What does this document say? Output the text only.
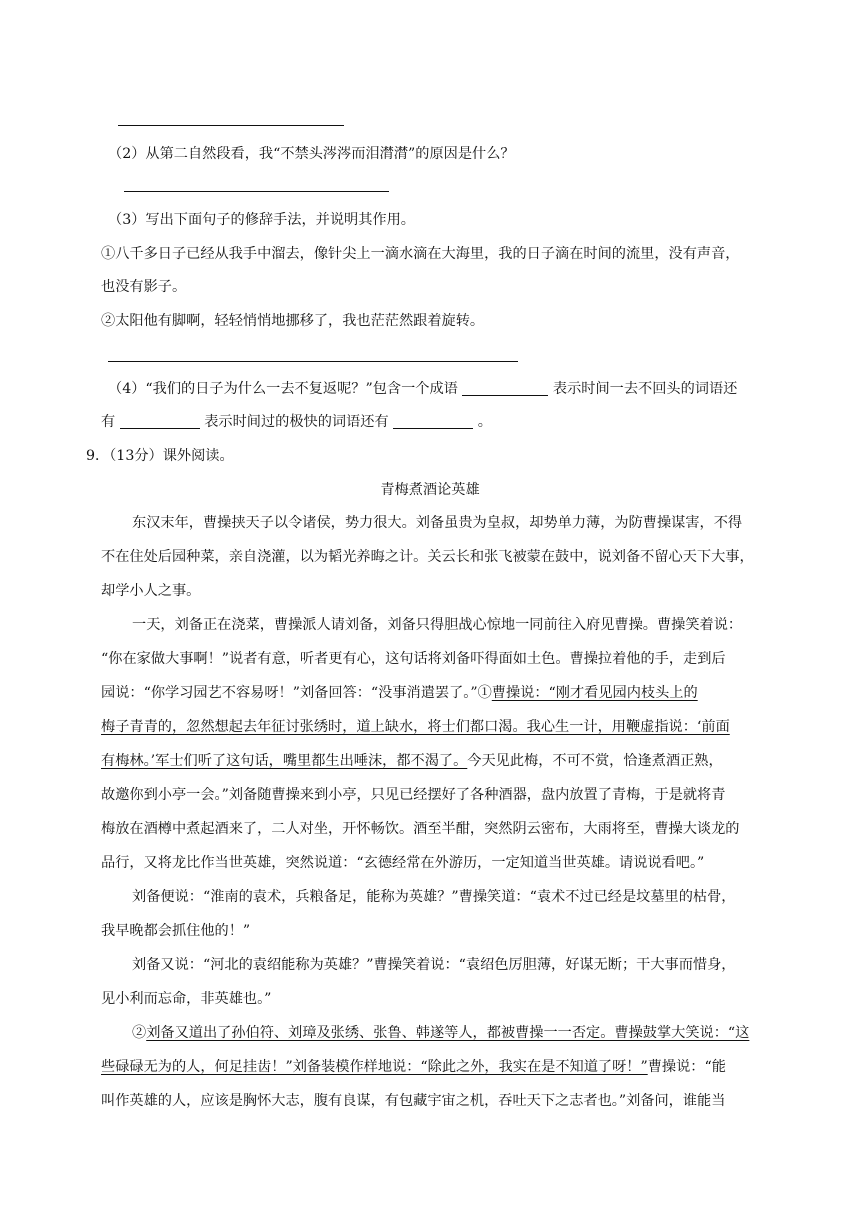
（2）从第二自然段看，我“不禁头涔涔而泪潸潸”的原因是什么？
（3）写出下面句子的修辞手法，并说明其作用。
①八千多日子已经从我手中溜去，像针尖上一滴水滴在大海里，我的日子滴在时间的流里，没有声音，
也没有影子。
②太阳他有脚啊，轻轻悄悄地挪移了，我也茫茫然跟着旋转。
（4）“我们的日子为什么一去不复返呢？”包含一个成语	表示时间一去不回头的词语还
有	表示时间过的极快的词语还有	。
9．（13分）课外阅读。
青梅煮酒论英雄
东汉末年，曹操挟天子以令诸侯，势力很大。刘备虽贵为皇叔，却势单力薄，为防曹操谋害，不得
不在住处后园种菜，亲自浇灌，以为韬光养晦之计。关云长和张飞被蒙在鼓中，说刘备不留心天下大事，
却学小人之事。
一天，刘备正在浇菜，曹操派人请刘备，刘备只得胆战心惊地一同前往入府见曹操。曹操笑着说：
“你在家做大事啊！”说者有意，听者更有心，这句话将刘备吓得面如土色。曹操拉着他的手，走到后
园说：“你学习园艺不容易呀！”刘备回答：“没事消遣罢了。”①曹操说：“刚才看见园内枝头上的
梅子青青的，忽然想起去年征讨张绣时，道上缺水，将士们都口渴。我心生一计，用鞭虚指说：‘前面
有梅林。’军士们听了这句话，嘴里都生出唾沫，都不渴了。今天见此梅，不可不赏，恰逢煮酒正熟，
故邀你到小亭一会。”刘备随曹操来到小亭，只见已经摆好了各种酒器，盘内放置了青梅，于是就将青
梅放在酒樽中煮起酒来了，二人对坐，开怀畅饮。酒至半酣，突然阴云密布，大雨将至，曹操大谈龙的
品行，又将龙比作当世英雄，突然说道：“玄德经常在外游历，一定知道当世英雄。请说说看吧。”
刘备便说：“淮南的袁术，兵粮备足，能称为英雄？”曹操笑道：“袁术不过已经是坟墓里的枯骨，
我早晚都会抓住他的！”
刘备又说：“河北的袁绍能称为英雄？”曹操笑着说：“袁绍色厉胆薄，好谋无断；干大事而惜身，
见小利而忘命，非英雄也。”
②刘备又道出了孙伯符、刘璋及张绣、张鲁、韩遂等人，都被曹操一一否定。曹操鼓掌大笑说：“这
些碌碌无为的人，何足挂齿！”刘备装模作样地说：“除此之外，我实在是不知道了呀！”曹操说：“能
叫作英雄的人，应该是胸怀大志，腹有良谋，有包藏宇宙之机，吞吐天下之志者也。”刘备问，谁能当
